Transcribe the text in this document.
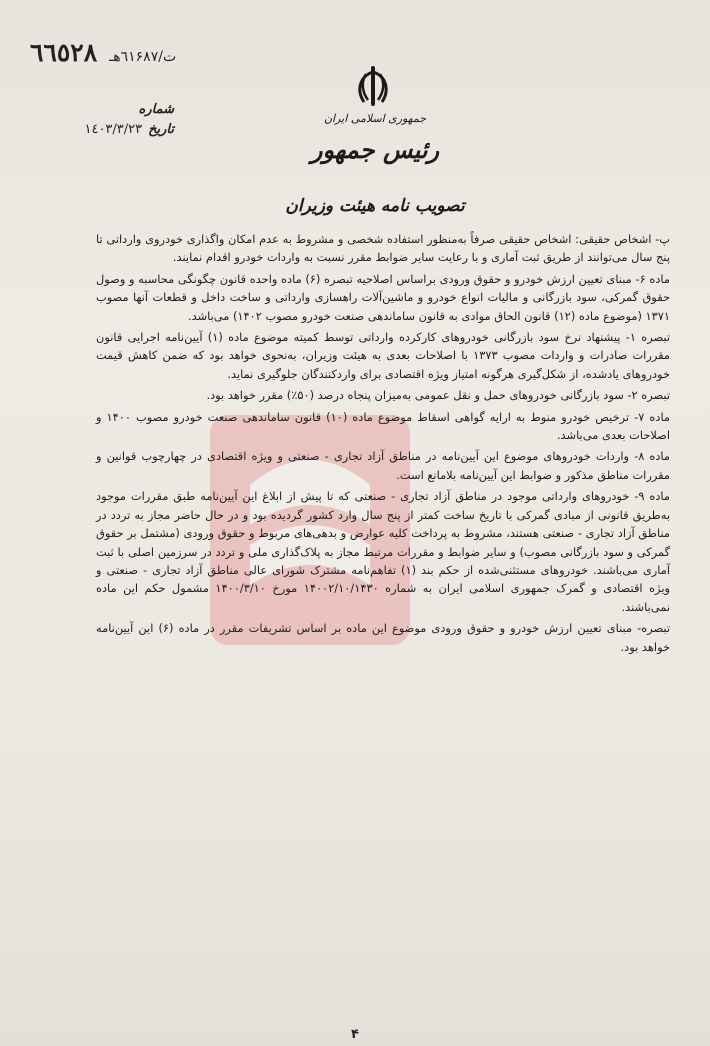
ت/٦١۶٨٧هـ
٦٦٥٢٨
شماره
تاریخ
١٤٠٣/٣/٢٣
جمهوری اسلامی ایران
رئیس جمهور
تصویب نامه هیئت وزیران

پ- اشخاص حقیقی: اشخاص حقیقی صرفاً به‌منظور استفاده شخصی و مشروط به عدم امکان واگذاری خودروی وارداتی تا پنج سال می‌توانند از طریق ثبت آماری و با رعایت سایر ضوابط مقرر نسبت به واردات خودرو اقدام نمایند.

ماده ۶- مبنای تعیین ارزش خودرو و حقوق ورودی براساس اصلاحیه تبصره (۶) ماده واحده قانون چگونگی محاسبه و وصول حقوق گمرکی، سود بازرگانی و مالیات انواع خودرو و ماشین‌آلات راهسازی وارداتی و ساخت داخل و قطعات آنها مصوب ۱۳۷۱ (موضوع ماده (۱۲) قانون الحاق موادی به قانون ساماندهی صنعت خودرو مصوب ۱۴۰۲) می‌باشد.

تبصره ۱- پیشنهاد نرخ سود بازرگانی خودروهای کارکرده وارداتی توسط کمیته موضوع ماده (۱) آیین‌نامه اجرایی قانون مقررات صادرات و واردات مصوب ۱۳۷۳ با اصلاحات بعدی به هیئت وزیران، به‌نحوی خواهد بود که ضمن کاهش قیمت خودروهای یادشده، از شکل‌گیری هرگونه امتیاز ویژه اقتصادی برای واردکنندگان جلوگیری نماید.

تبصره ۲- سود بازرگانی خودروهای حمل و نقل عمومی به‌میزان پنجاه درصد (۵۰٪) مقرر خواهد بود.

ماده ۷- ترخیص خودرو منوط به ارایه گواهی اسقاط موضوع ماده (۱۰) قانون ساماندهی صنعت خودرو مصوب ۱۴۰۰ و اصلاحات بعدی می‌باشد.

ماده ۸- واردات خودروهای موضوع این آیین‌نامه در مناطق آزاد تجاری - صنعتی و ویژه اقتصادی در چهارچوب قوانین و مقررات مناطق مذکور و ضوابط این آیین‌نامه بلامانع است.

ماده ۹- خودروهای وارداتی موجود در مناطق آزاد تجاری - صنعتی که تا پیش از ابلاغ این آیین‌نامه طبق مقررات موجود به‌طریق قانونی از مبادی گمرکی با تاریخ ساخت کمتر از پنج سال وارد کشور گردیده بود و در حال حاضر مجاز به تردد در مناطق آزاد تجاری - صنعتی هستند، مشروط به پرداخت کلیه عوارض و بدهی‌های مربوط و حقوق ورودی (مشتمل بر حقوق گمرکی و سود بازرگانی مصوب) و سایر ضوابط و مقررات مرتبط مجاز به پلاک‌گذاری ملی و تردد در سرزمین اصلی با ثبت آماری می‌باشند. خودروهای مستثنی‌شده از حکم بند (۱) تفاهم‌نامه مشترک شورای عالی مناطق آزاد تجاری - صنعتی و ویژه اقتصادی و گمرک جمهوری اسلامی ایران به شماره ۱۴۰۰۲/۱۰/۱۴۳۰ مورخ ۱۴۰۰/۳/۱۰ مشمول حکم این ماده نمی‌باشند.

تبصره- مبنای تعیین ارزش خودرو و حقوق ورودی موضوع این ماده بر اساس تشریفات مقرر در ماده (۶) این آیین‌نامه خواهد بود.

۴
